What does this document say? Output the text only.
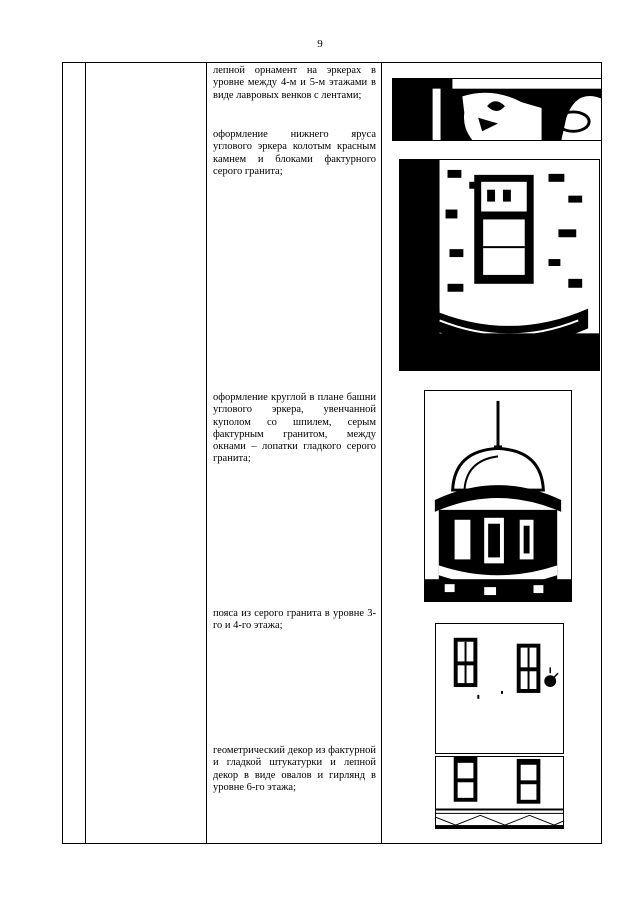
9
лепной орнамент на эркерах в уровне между 4-м и 5-м этажами в виде лавровых венков с лентами;
оформление нижнего яруса углового эркера колотым красным камнем и блоками фактурного серого гранита;
оформление круглой в плане башни углового эркера, увенчанной куполом со шпилем, серым фактурным гранитом, между окнами – лопатки гладкого серого гранита;
пояса из серого гранита в уровне 3-го и 4-го этажа;
геометрический декор из фактурной и гладкой штукатурки и лепной декор в виде овалов и гирлянд в уровне 6-го этажа;
